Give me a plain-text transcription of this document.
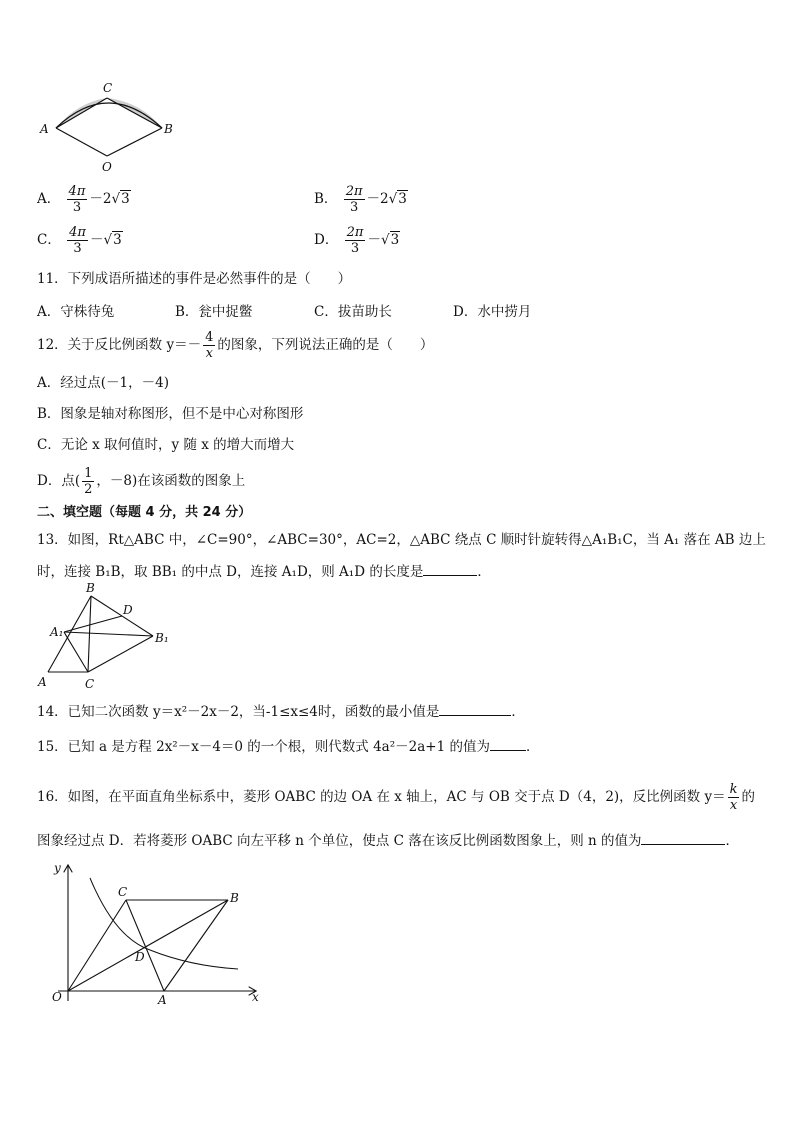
A	B
C
O
A． $\frac{4\pi}{3} -2√3$	B． $\frac{2\pi}{3} -2√3$
C． $\frac{4\pi}{3} -√3$	D． $\frac{2\pi}{3} -√3$
11．下列成语所描述的事件是必然事件的是（　　）
A．守株待兔	B．瓮中捉鳖	C．拔苗助长	D．水中捞月
12．关于反比例函数 $y=- \frac{4}{x}$ 的图象，下列说法正确的是（　　）
A．经过点(－1，－4)
B．图象是轴对称图形，但不是中心对称图形
C．无论 x 取何值时，y 随 x 的增大而增大
D．点( $\frac{1}{2}$ ，－8)在该函数的图象上
二、填空题（每题 4 分，共 24 分）
13．如图，Rt△ABC 中，∠C=90°，∠ABC=30°，AC=2，△ABC 绕点 C 顺时针旋转得△A₁B₁C，当 A₁ 落在 AB 边上
时，连接 B₁B，取 BB₁ 的中点 D，连接 A₁D，则 A₁D 的长度是	．
B
D
A₁	B₁
A	C
14．已知二次函数 y＝x²－2x－2，当-1≤x≤4时，函数的最小值是	．
15．已知 a 是方程 2x²－x－4＝0 的一个根，则代数式 4a²－2a+1 的值为	．
16．如图，在平面直角坐标系中，菱形 OABC 的边 OA 在 x 轴上，AC 与 OB 交于点 D（4，2)，反比例函数 $y= \frac{k}{x}$ 的
图象经过点 D．若将菱形 OABC 向左平移 n 个单位，使点 C 落在该反比例函数图象上，则 n 的值为	．
y
x
O	A
B
C
D
